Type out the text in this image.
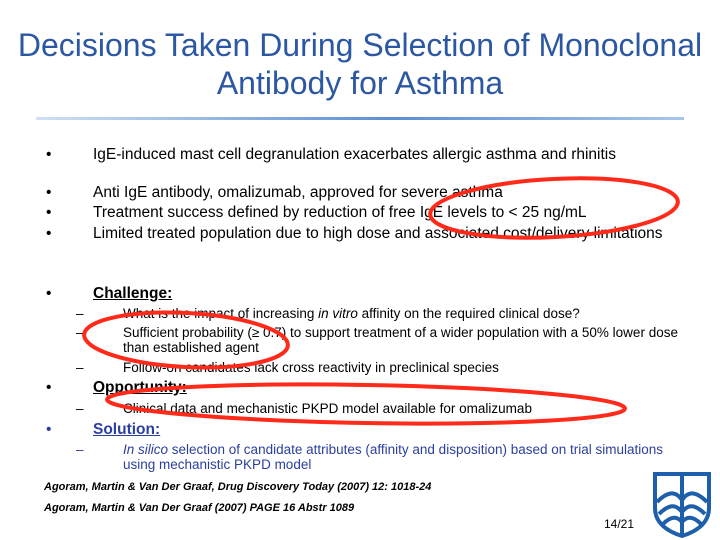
Decisions Taken During Selection of Monoclonal Antibody for Asthma
•	IgE-induced mast cell degranulation exacerbates allergic asthma and rhinitis
•	Anti IgE antibody, omalizumab, approved for severe asthma
•	Treatment success defined by reduction of free IgE levels to < 25 ng/mL
•	Limited treated population due to high dose and associated cost/delivery limitations
•	Challenge:
–	What is the impact of increasing in vitro affinity on the required clinical dose?
–	Sufficient probability (≥ 0.7) to support treatment of a wider population with a 50% lower dose than established agent
–	Follow-on candidates lack cross reactivity in preclinical species
•	Opportunity:
–	Clinical data and mechanistic PKPD model available for omalizumab
•	Solution:
–	In silico selection of candidate attributes (affinity and disposition) based on trial simulations using mechanistic PKPD model
Agoram, Martin & Van Der Graaf, Drug Discovery Today (2007) 12: 1018-24
Agoram, Martin & Van Der Graaf (2007) PAGE 16 Abstr 1089
14/21
